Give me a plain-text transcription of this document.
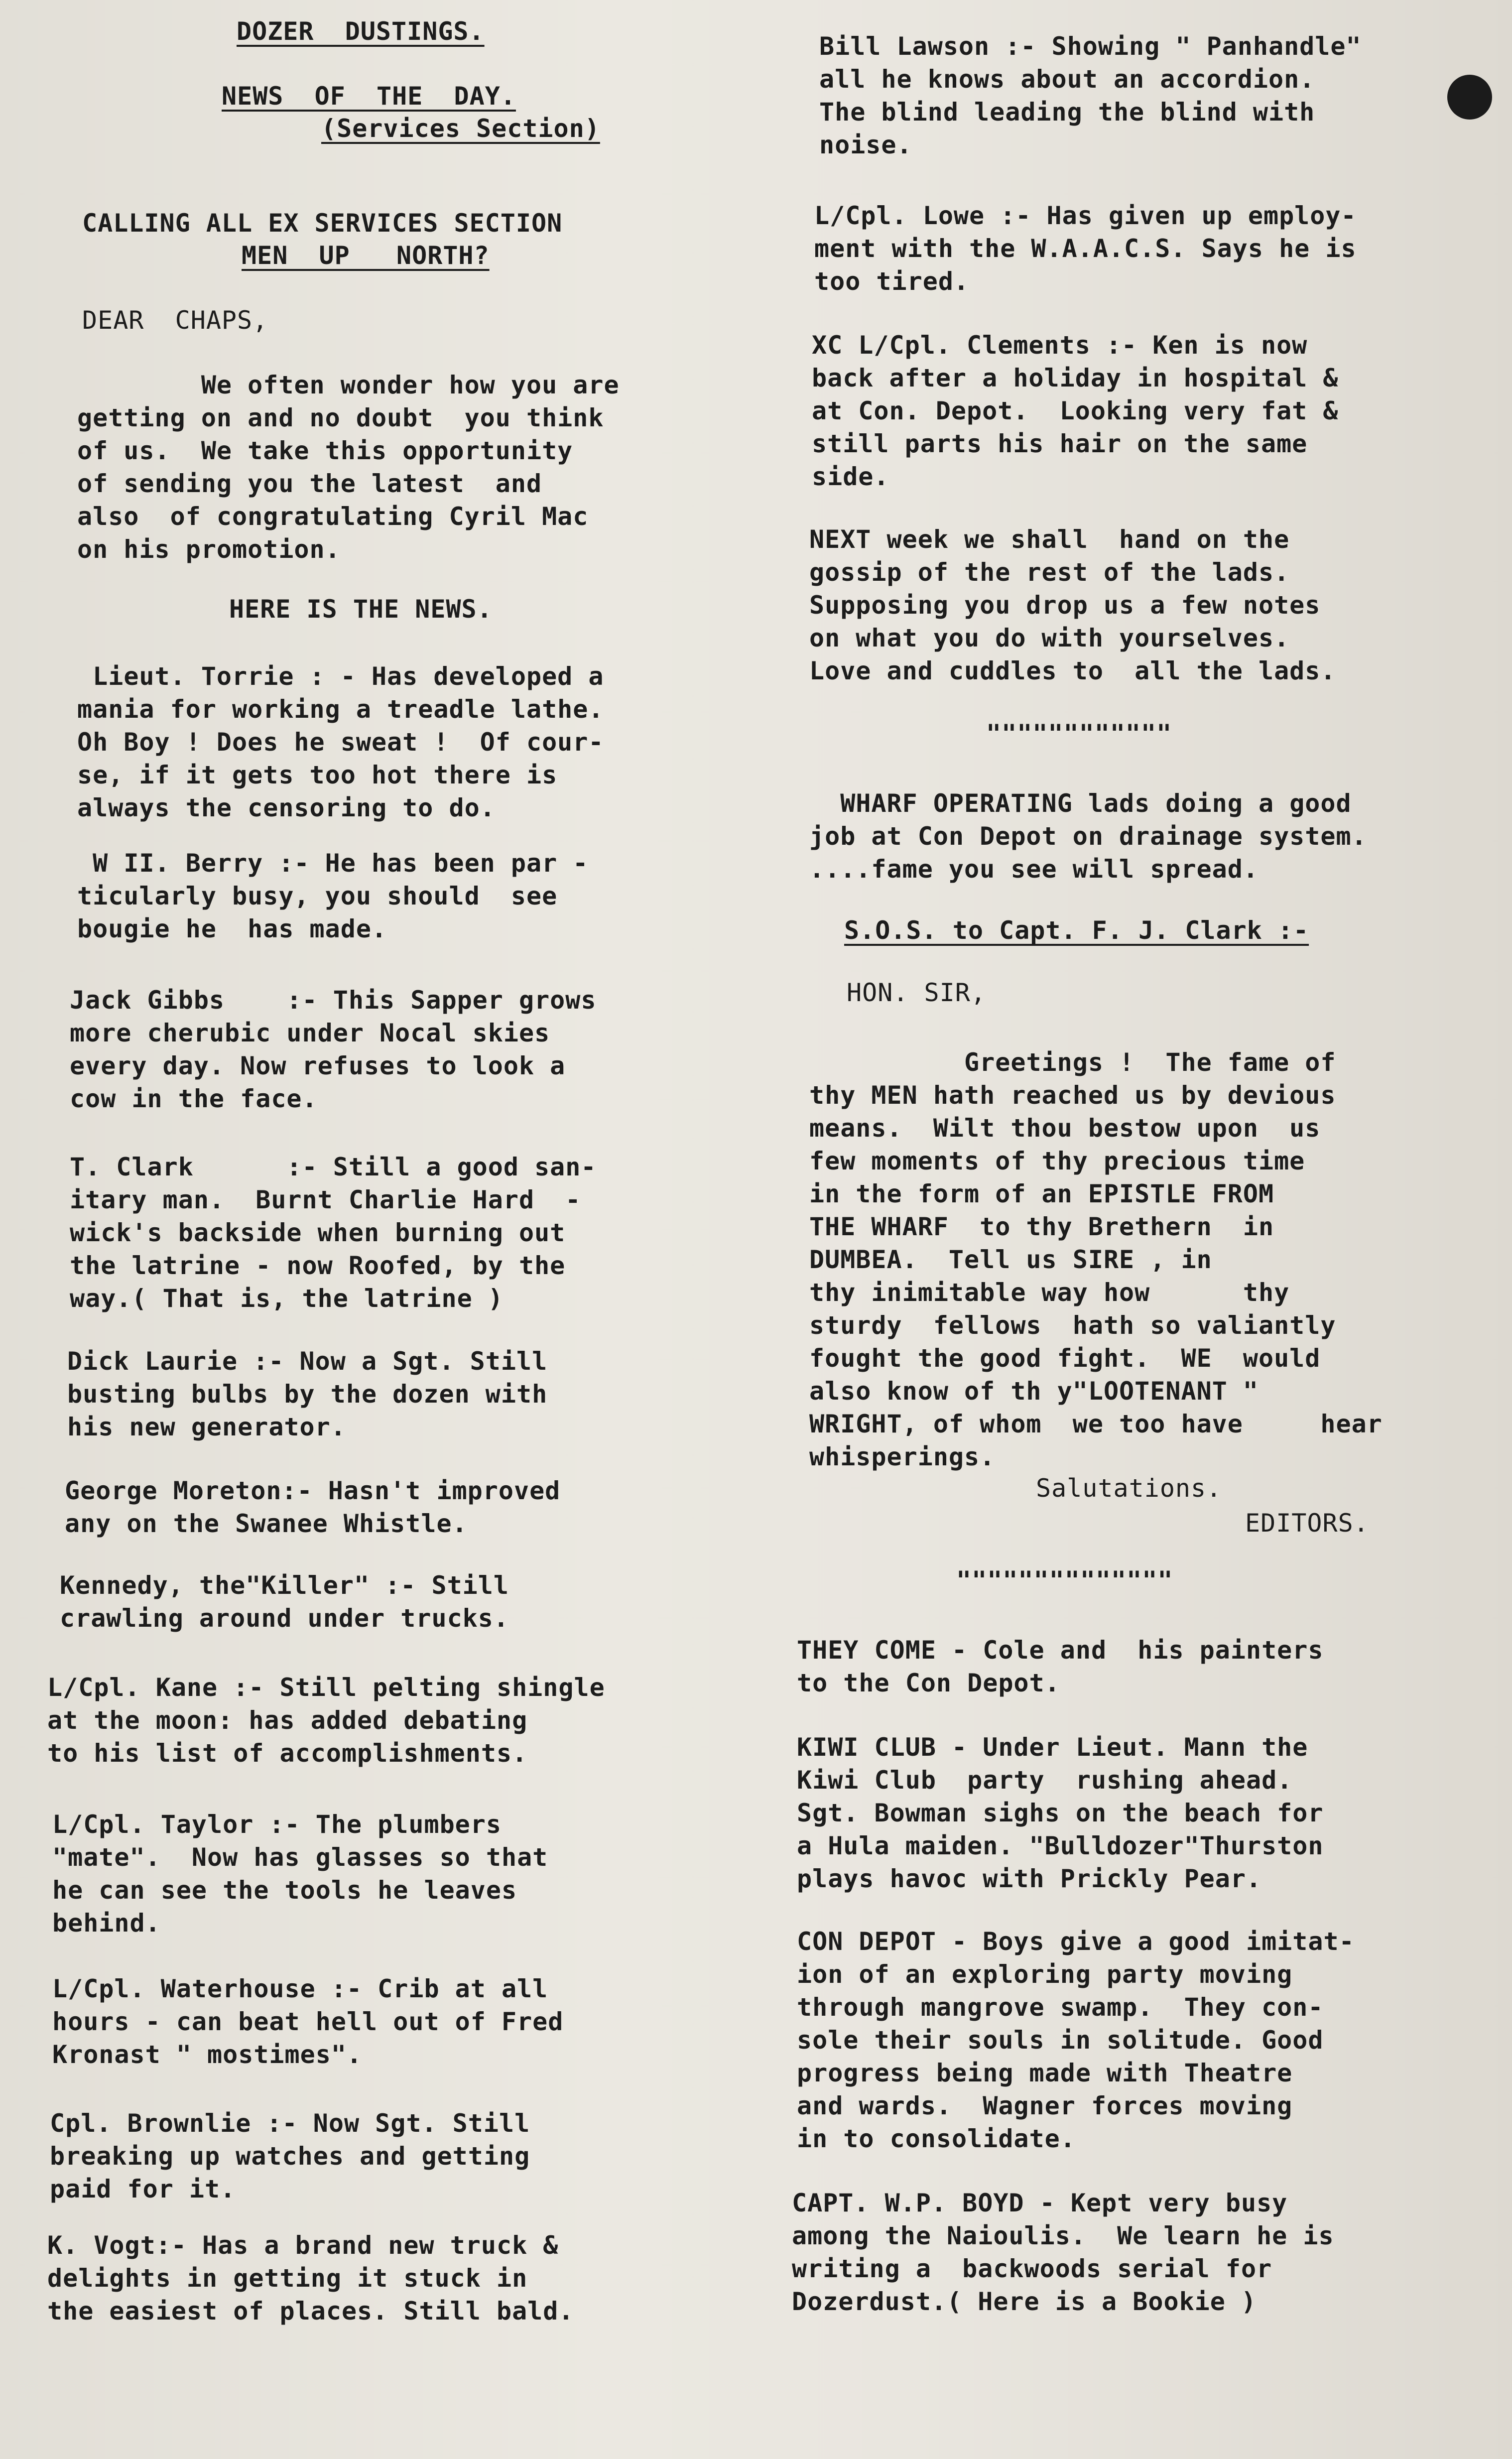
DOZER  DUSTINGS.
NEWS  OF  THE  DAY.
(Services Section)
CALLING ALL EX SERVICES SECTION
MEN  UP   NORTH?
DEAR  CHAPS,
We often wonder how you are
getting on and no doubt  you think
of us.  We take this opportunity
of sending you the latest  and
also  of congratulating Cyril Mac
on his promotion.
HERE IS THE NEWS.
Lieut. Torrie : - Has developed a
mania for working a treadle lathe.
Oh Boy ! Does he sweat !  Of cour-
se, if it gets too hot there is
always the censoring to do.
W II. Berry :- He has been par -
ticularly busy, you should  see
bougie he  has made.
Jack Gibbs    :- This Sapper grows
more cherubic under Nocal skies
every day. Now refuses to look a
cow in the face.
T. Clark      :- Still a good san-
itary man.  Burnt Charlie Hard  -
wick's backside when burning out
the latrine - now Roofed, by the
way.( That is, the latrine )
Dick Laurie :- Now a Sgt. Still
busting bulbs by the dozen with
his new generator.
George Moreton:- Hasn't improved
any on the Swanee Whistle.
Kennedy, the"Killer" :- Still
crawling around under trucks.
L/Cpl. Kane :- Still pelting shingle
at the moon: has added debating
to his list of accomplishments.
L/Cpl. Taylor :- The plumbers
"mate".  Now has glasses so that
he can see the tools he leaves
behind.
L/Cpl. Waterhouse :- Crib at all
hours - can beat hell out of Fred
Kronast " mostimes".
Cpl. Brownlie :- Now Sgt. Still
breaking up watches and getting
paid for it.
K. Vogt:- Has a brand new truck &
delights in getting it stuck in
the easiest of places. Still bald.
Bill Lawson :- Showing " Panhandle"
all he knows about an accordion.
The blind leading the blind with
noise.
L/Cpl. Lowe :- Has given up employ-
ment with the W.A.A.C.S. Says he is
too tired.
XC L/Cpl. Clements :- Ken is now
back after a holiday in hospital &
at Con. Depot.  Looking very fat &
still parts his hair on the same
side.
NEXT week we shall  hand on the
gossip of the rest of the lads.
Supposing you drop us a few notes
on what you do with yourselves.
Love and cuddles to  all the lads.
""""""""""""
WHARF OPERATING lads doing a good
job at Con Depot on drainage system.
....fame you see will spread.
S.O.S. to Capt. F. J. Clark :-
HON. SIR,
Greetings !  The fame of
thy MEN hath reached us by devious
means.  Wilt thou bestow upon  us
few moments of thy precious time
in the form of an EPISTLE FROM
THE WHARF  to thy Brethern  in
DUMBEA.  Tell us SIRE , in
thy inimitable way how      thy
sturdy  fellows  hath so valiantly
fought the good fight.  WE  would
also know of th y"LOOTENANT "
WRIGHT, of whom  we too have     hear
whisperings.
Salutations.
EDITORS.
""""""""""""""
THEY COME - Cole and  his painters
to the Con Depot.
KIWI CLUB - Under Lieut. Mann the
Kiwi Club  party  rushing ahead.
Sgt. Bowman sighs on the beach for
a Hula maiden. "Bulldozer"Thurston
plays havoc with Prickly Pear.
CON DEPOT - Boys give a good imitat-
ion of an exploring party moving
through mangrove swamp.  They con-
sole their souls in solitude. Good
progress being made with Theatre
and wards.  Wagner forces moving
in to consolidate.
CAPT. W.P. BOYD - Kept very busy
among the Naioulis.  We learn he is
writing a  backwoods serial for
Dozerdust.( Here is a Bookie )
